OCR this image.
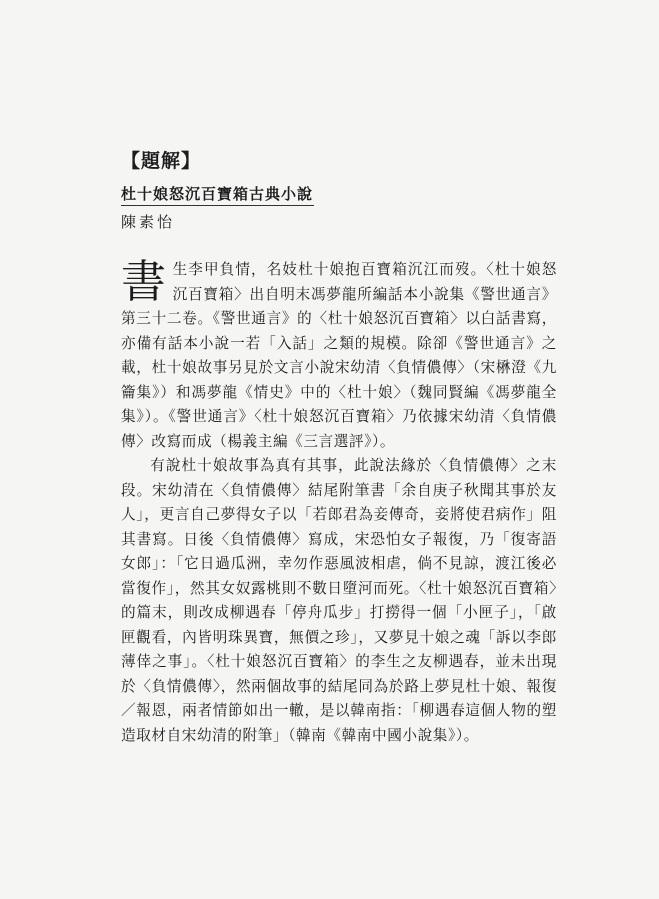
【題解】
杜十娘怒沉百寶箱古典小說
陳素怡

書生李甲負情，名妓杜十娘抱百寶箱沉江而歿。〈杜十娘怒沉百寶箱〉出自明末馮夢龍所編話本小說集《警世通言》第三十二卷。《警世通言》的〈杜十娘怒沉百寶箱〉以白話書寫，亦備有話本小說一若「入話」之類的規模。除卻《警世通言》之載，杜十娘故事另見於文言小說宋幼清〈負情儂傳〉（宋楙澄《九籥集》）和馮夢龍《情史》中的〈杜十娘〉（魏同賢編《馮夢龍全集》）。《警世通言》〈杜十娘怒沉百寶箱〉乃依據宋幼清〈負情儂傳〉改寫而成（楊義主編《三言選評》）。

有說杜十娘故事為真有其事，此說法緣於〈負情儂傳〉之末段。宋幼清在〈負情儂傳〉結尾附筆書「余自庚子秋聞其事於友人」，更言自己夢得女子以「若郎君為妾傳奇，妾將使君病作」阻其書寫。日後〈負情儂傳〉寫成，宋恐怕女子報復，乃「復寄語女郎」：「它日過瓜洲，幸勿作惡風波相虐，倘不見諒，渡江後必當復作」，然其女奴露桃則不數日墮河而死。〈杜十娘怒沉百寶箱〉的篇末，則改成柳遇春「停舟瓜步」打撈得一個「小匣子」，「啟匣觀看，內皆明珠異寶，無價之珍」，又夢見十娘之魂「訴以李郎薄倖之事」。〈杜十娘怒沉百寶箱〉的李生之友柳遇春，並未出現於〈負情儂傳〉，然兩個故事的結尾同為於路上夢見杜十娘、報復／報恩，兩者情節如出一轍，是以韓南指：「柳遇春這個人物的塑造取材自宋幼清的附筆」（韓南《韓南中國小說集》）。
